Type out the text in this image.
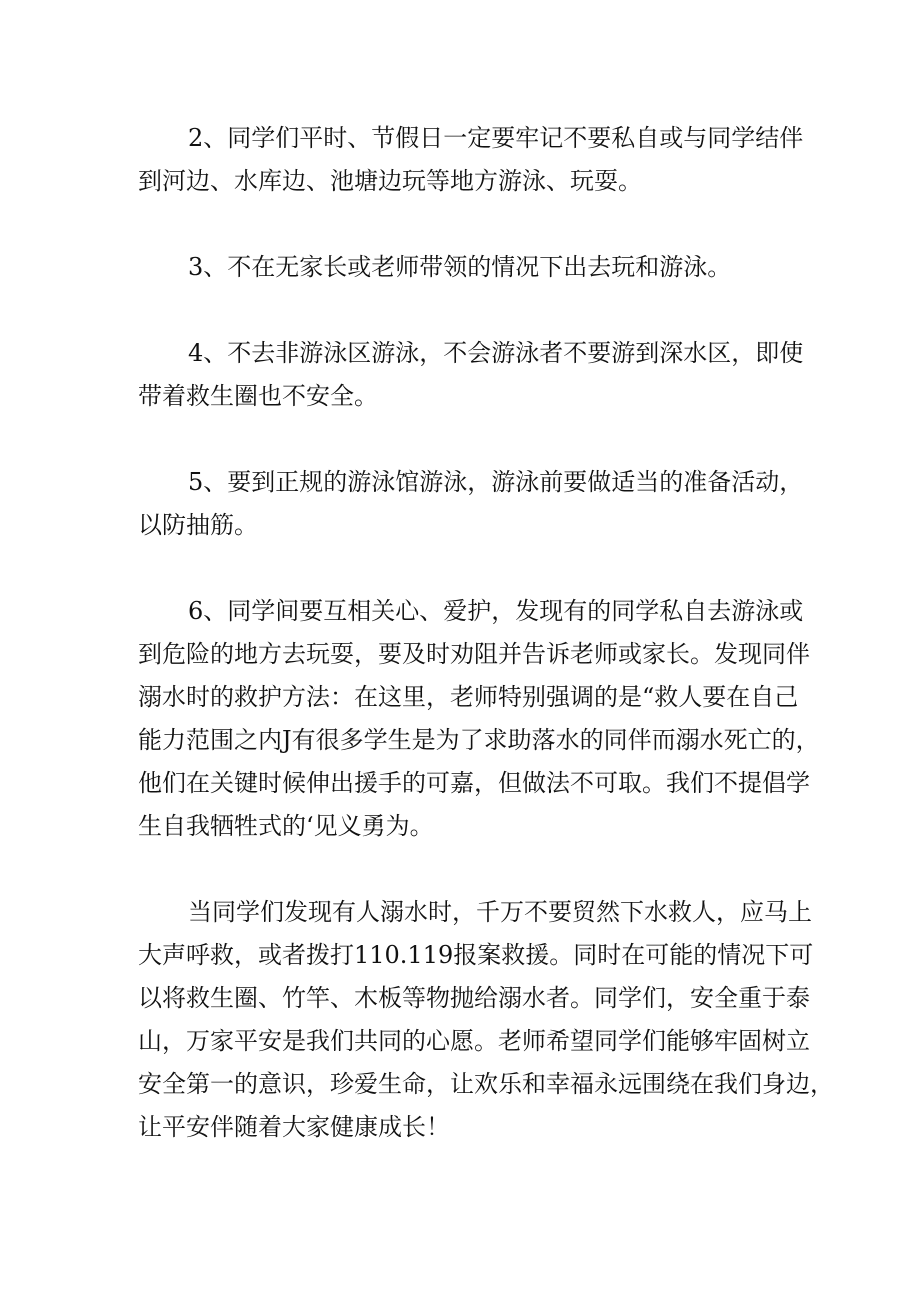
2、同学们平时、节假日一定要牢记不要私自或与同学结伴
到河边、水库边、池塘边玩等地方游泳、玩耍。
3、不在无家长或老师带领的情况下出去玩和游泳。
4、不去非游泳区游泳，不会游泳者不要游到深水区，即使
带着救生圈也不安全。
5、要到正规的游泳馆游泳，游泳前要做适当的准备活动，
以防抽筋。
6、同学间要互相关心、爱护，发现有的同学私自去游泳或
到危险的地方去玩耍，要及时劝阻并告诉老师或家长。发现同伴
溺水时的救护方法：在这里，老师特别强调的是“救人要在自己
能力范围之内J有很多学生是为了求助落水的同伴而溺水死亡的，
他们在关键时候伸出援手的可嘉，但做法不可取。我们不提倡学
生自我牺牲式的‘见义勇为。
当同学们发现有人溺水时，千万不要贸然下水救人，应马上
大声呼救，或者拨打110.119报案救援。同时在可能的情况下可
以将救生圈、竹竿、木板等物抛给溺水者。同学们，安全重于泰
山，万家平安是我们共同的心愿。老师希望同学们能够牢固树立
安全第一的意识，珍爱生命，让欢乐和幸福永远围绕在我们身边，
让平安伴随着大家健康成长！
